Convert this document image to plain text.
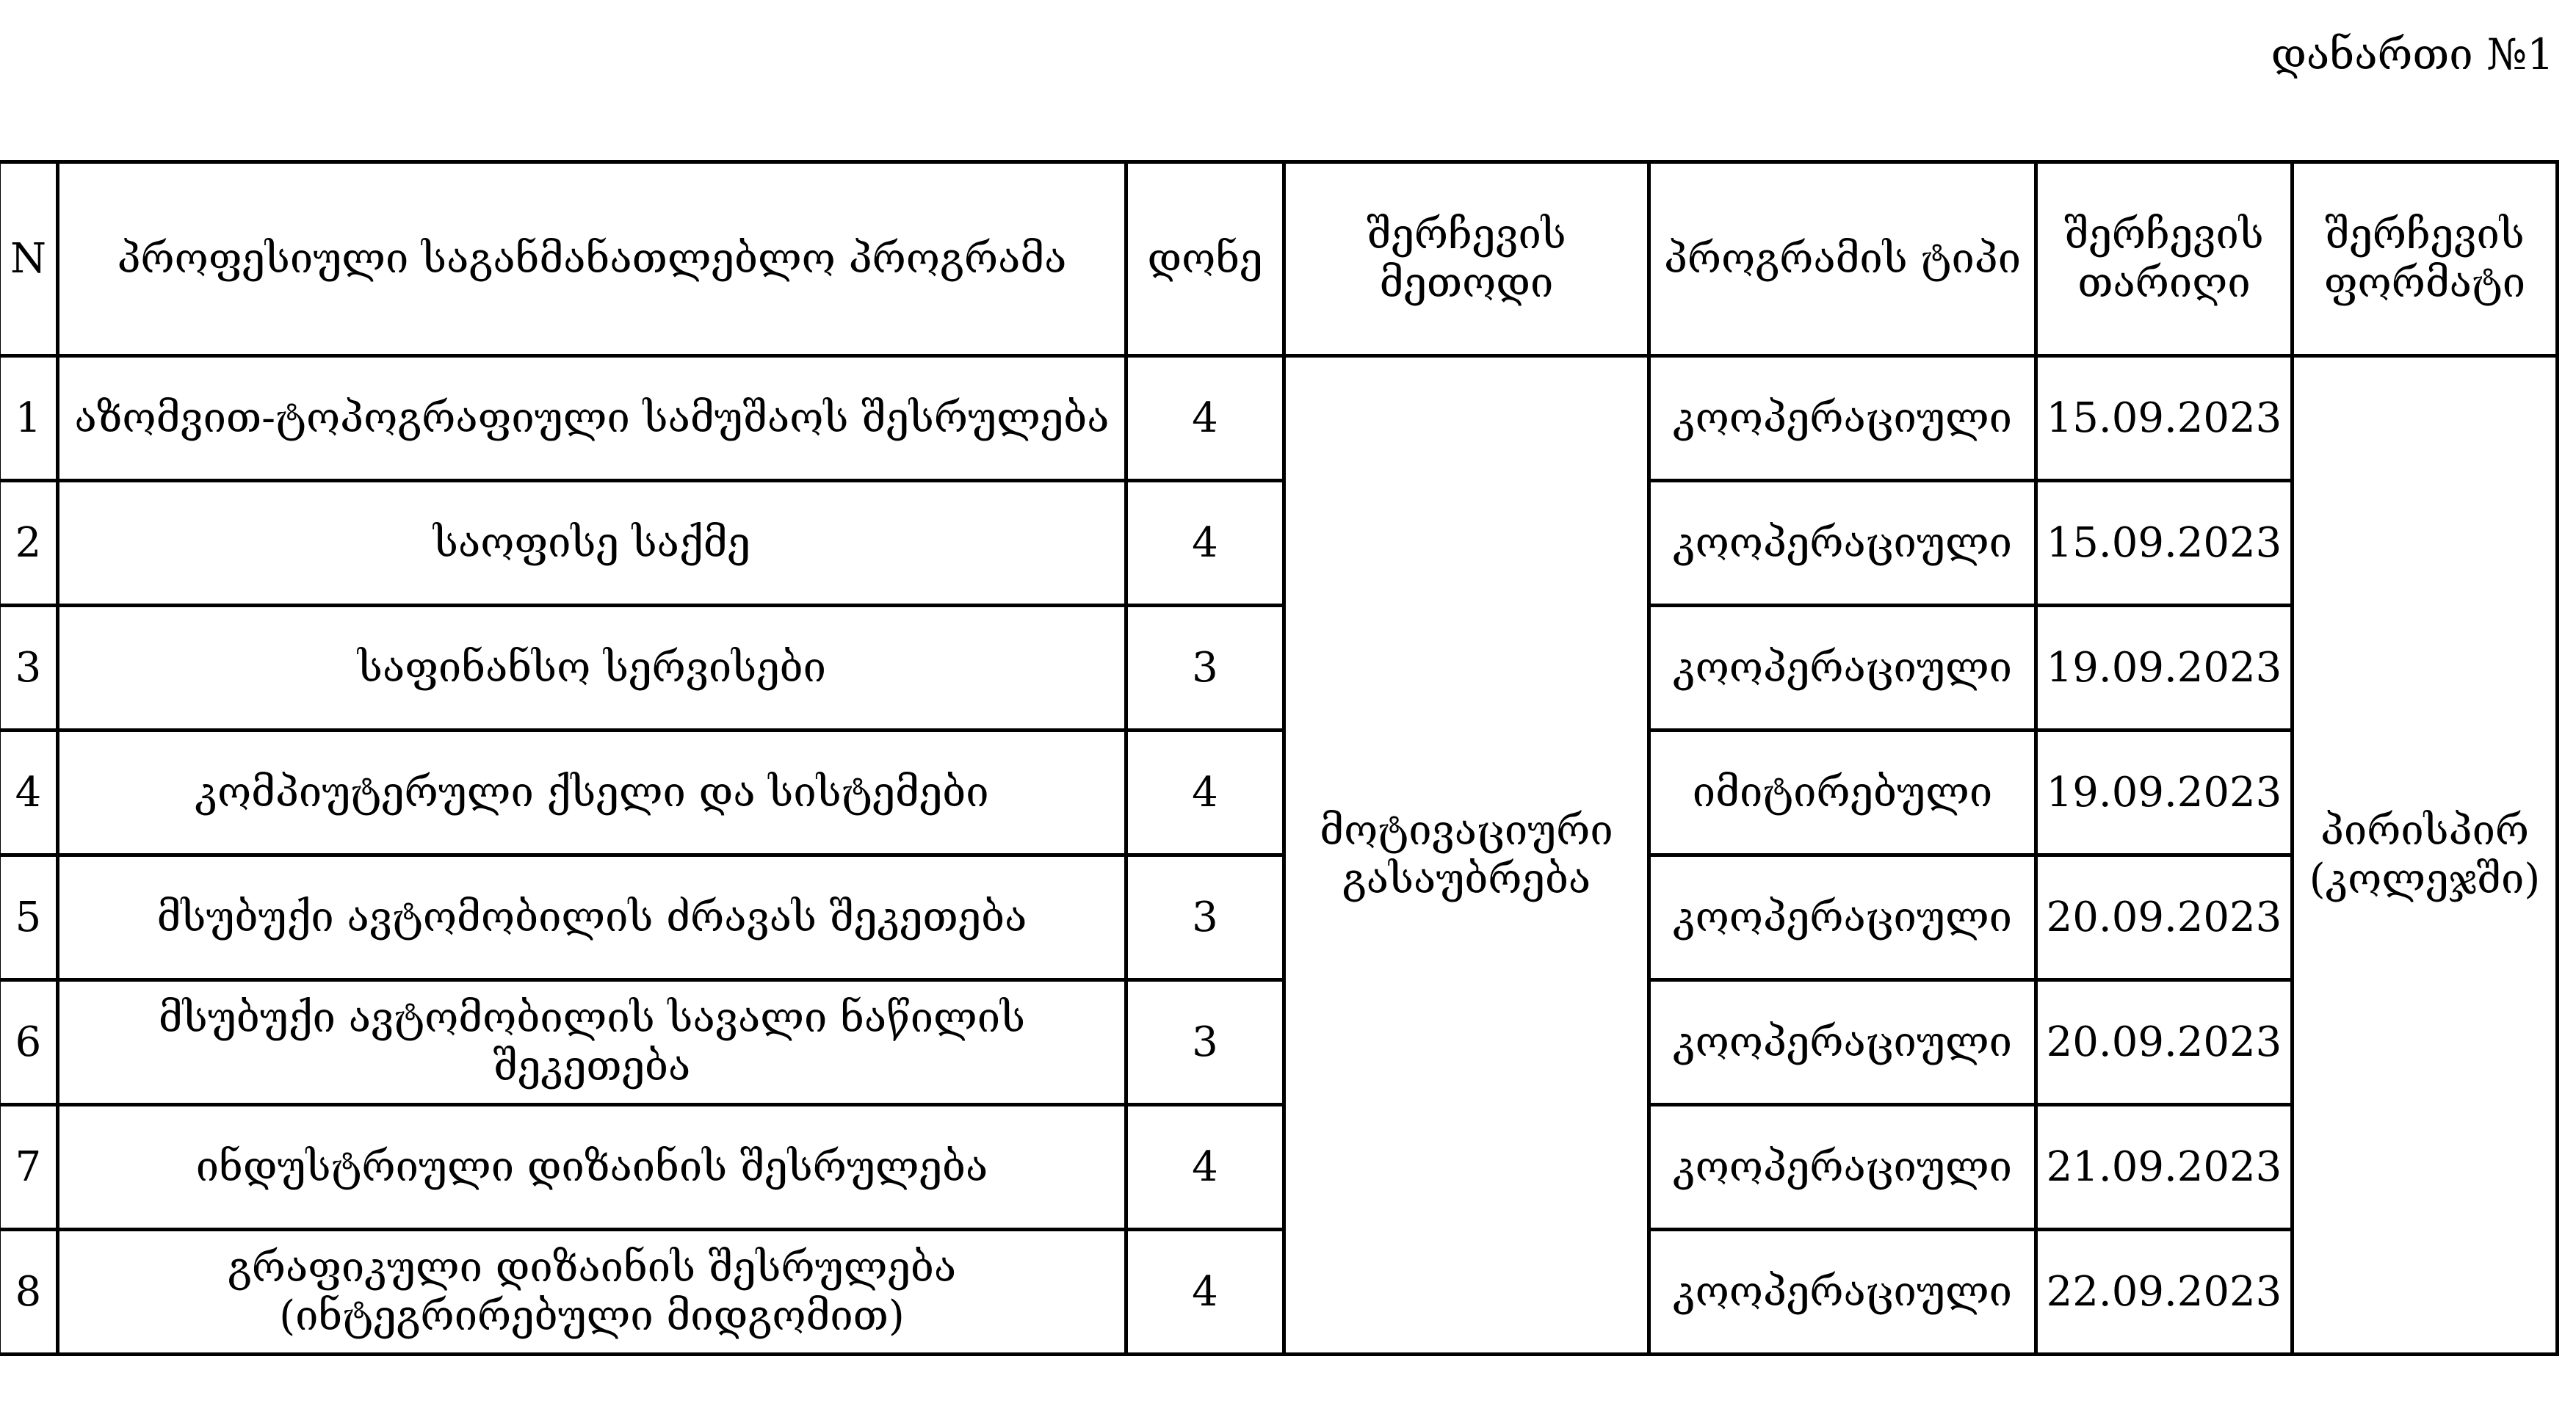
დანართი №1
N	პროფესიული საგანმანათლებლო პროგრამა	დონე	შერჩევის მეთოდი	პროგრამის ტიპი	შერჩევის თარიღი	შერჩევის ფორმატი
1	აზომვით-ტოპოგრაფიული სამუშაოს შესრულება	4	მოტივაციური გასაუბრება	კოოპერაციული	15.09.2023	პირისპირ (კოლეჯში)
2	საოფისე საქმე	4		კოოპერაციული	15.09.2023	
3	საფინანსო სერვისები	3		კოოპერაციული	19.09.2023	
4	კომპიუტერული ქსელი და სისტემები	4		იმიტირებული	19.09.2023	
5	მსუბუქი ავტომობილის ძრავას შეკეთება	3		კოოპერაციული	20.09.2023	
6	მსუბუქი ავტომობილის სავალი ნაწილის შეკეთება	3		კოოპერაციული	20.09.2023	
7	ინდუსტრიული დიზაინის შესრულება	4		კოოპერაციული	21.09.2023	
8	გრაფიკული დიზაინის შესრულება (ინტეგრირებული მიდგომით)	4		კოოპერაციული	22.09.2023	
